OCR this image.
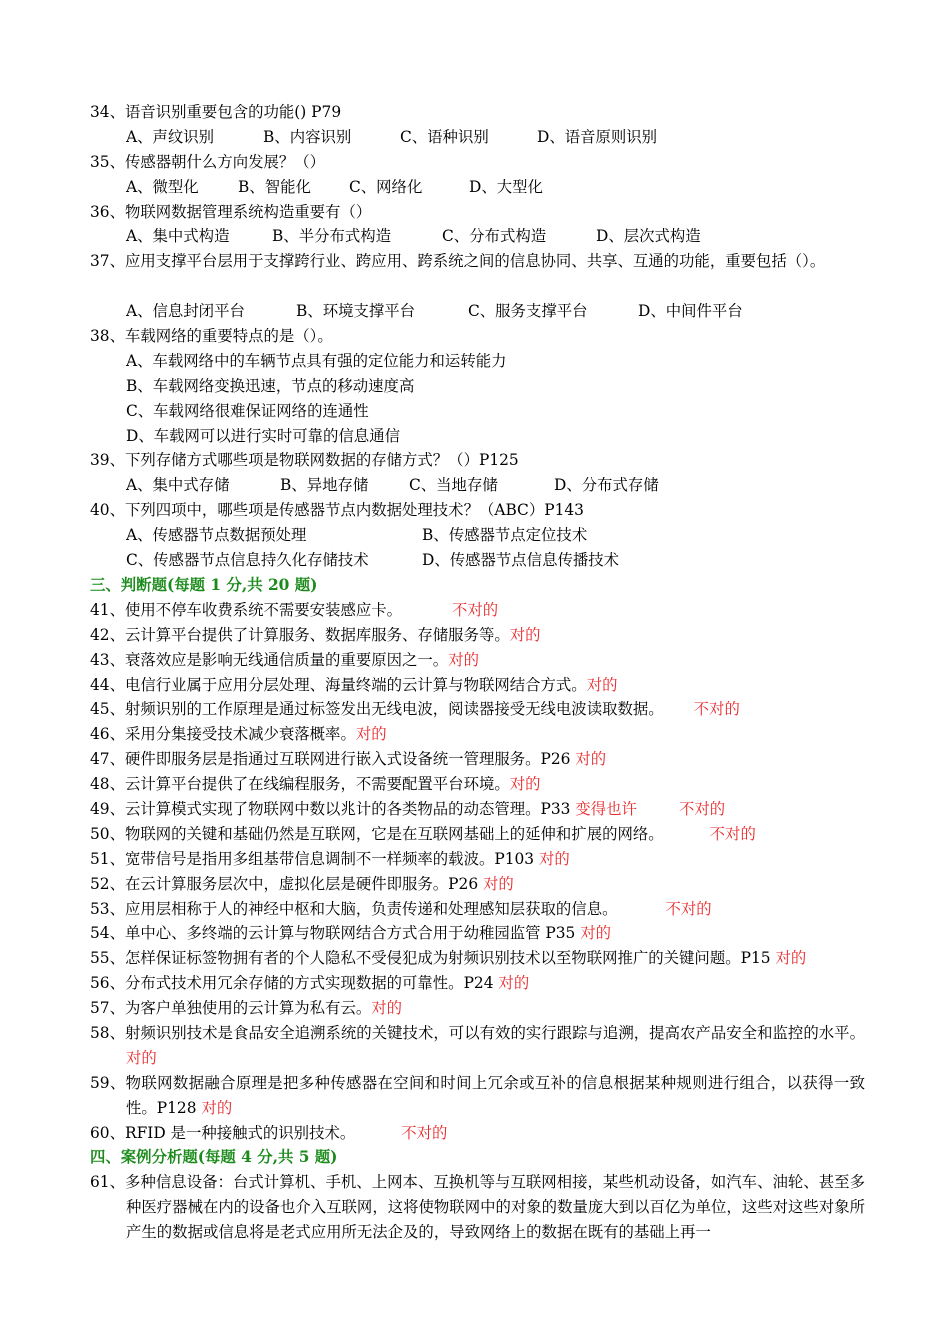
34、语音识别重要包含的功能() P79
A、声纹识别	B、内容识别	C、语种识别	D、语音原则识别
35、传感器朝什么方向发展？（）
A、微型化	B、智能化 C、网络化	D、大型化
36、物联网数据管理系统构造重要有（）
A、集中式构造	B、半分布式构造	C、分布式构造	D、层次式构造
37、应用支撑平台层用于支撑跨行业、跨应用、跨系统之间的信息协同、共享、互通的功能，重要包括（）。
A、信息封闭平台	B、环境支撑平台	C、服务支撑平台	D、中间件平台
38、车载网络的重要特点的是（）。
A、车载网络中的车辆节点具有强的定位能力和运转能力
B、车载网络变换迅速，节点的移动速度高
C、车载网络很难保证网络的连通性
D、车载网可以进行实时可靠的信息通信
39、下列存储方式哪些项是物联网数据的存储方式？（）P125
A、集中式存储	B、异地存储	C、当地存储	D、分布式存储
40、下列四项中，哪些项是传感器节点内数据处理技术？（ABC）P143
A、传感器节点数据预处理	B、传感器节点定位技术
C、传感器节点信息持久化存储技术	D、传感器节点信息传播技术
三、判断题(每题 1 分,共 20 题)
41、使用不停车收费系统不需要安装感应卡。	不对的
42、云计算平台提供了计算服务、数据库服务、存储服务等。对的
43、衰落效应是影响无线通信质量的重要原因之一。对的
44、电信行业属于应用分层处理、海量终端的云计算与物联网结合方式。对的
45、射频识别的工作原理是通过标签发出无线电波，阅读器接受无线电波读取数据。 不对的
46、采用分集接受技术减少衰落概率。对的
47、硬件即服务层是指通过互联网进行嵌入式设备统一管理服务。P26 对的
48、云计算平台提供了在线编程服务，不需要配置平台环境。对的
49、云计算模式实现了物联网中数以兆计的各类物品的动态管理。P33 变得也许	不对的
50、物联网的关键和基础仍然是互联网，它是在互联网基础上的延伸和扩展的网络。	不对的
51、宽带信号是指用多组基带信息调制不一样频率的载波。P103 对的
52、在云计算服务层次中，虚拟化层是硬件即服务。P26 对的
53、应用层相称于人的神经中枢和大脑，负责传递和处理感知层获取的信息。	不对的
54、单中心、多终端的云计算与物联网结合方式合用于幼稚园监管 P35 对的
55、怎样保证标签物拥有者的个人隐私不受侵犯成为射频识别技术以至物联网推广的关键问题。P15 对的
56、分布式技术用冗余存储的方式实现数据的可靠性。P24 对的
57、为客户单独使用的云计算为私有云。对的
58、射频识别技术是食品安全追溯系统的关键技术，可以有效的实行跟踪与追溯，提高农产品安全和监控的水平。对的
59、物联网数据融合原理是把多种传感器在空间和时间上冗余或互补的信息根据某种规则进行组合，以获得一致性。P128 对的
60、RFID 是一种接触式的识别技术。	不对的
四、案例分析题(每题 4 分,共 5 题)
61、多种信息设备：台式计算机、手机、上网本、互换机等与互联网相接，某些机动设备，如汽车、油轮、甚至多种医疗器械在内的设备也介入互联网，这将使物联网中的对象的数量庞大到以百亿为单位，这些对这些对象所产生的数据或信息将是老式应用所无法企及的，导致网络上的数据在既有的基础上再一
